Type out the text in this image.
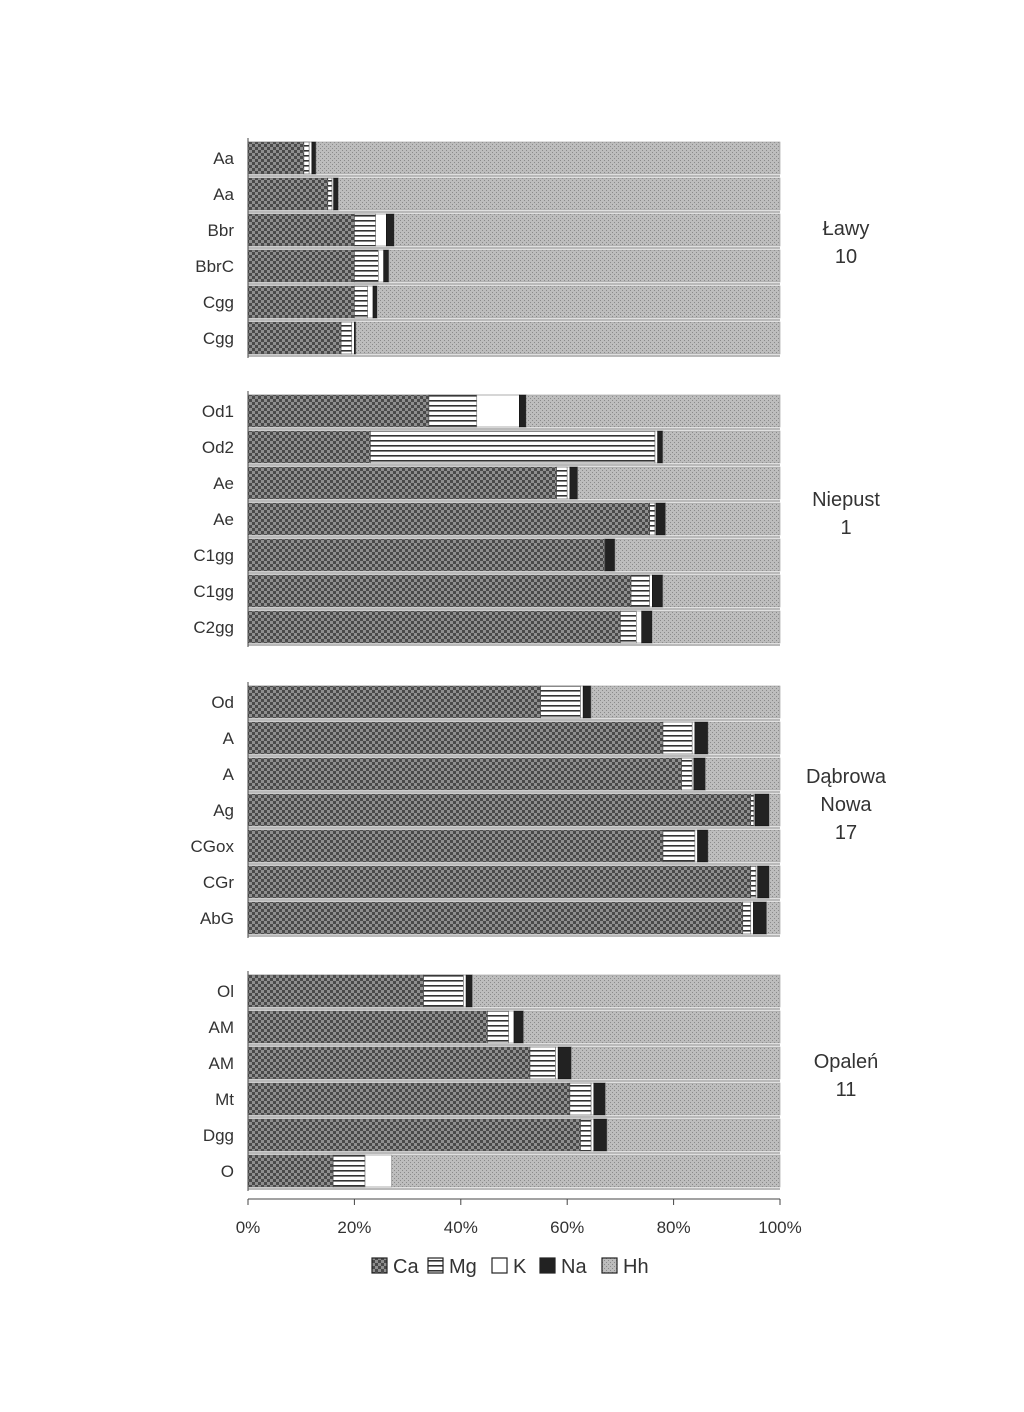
Aa
Aa
Bbr
BbrC
Cgg
Cgg
Ławy
10
Od1
Od2
Ae
Ae
C1gg
C1gg
C2gg
Niepust
1
Od
A
A
Ag
CGox
CGr
AbG
Dąbrowa
Nowa
17
Ol
AM
AM
Mt
Dgg
O
Opaleń
11
0%	20%	40%	60%	80%	100%
Ca Mg K Na Hh
